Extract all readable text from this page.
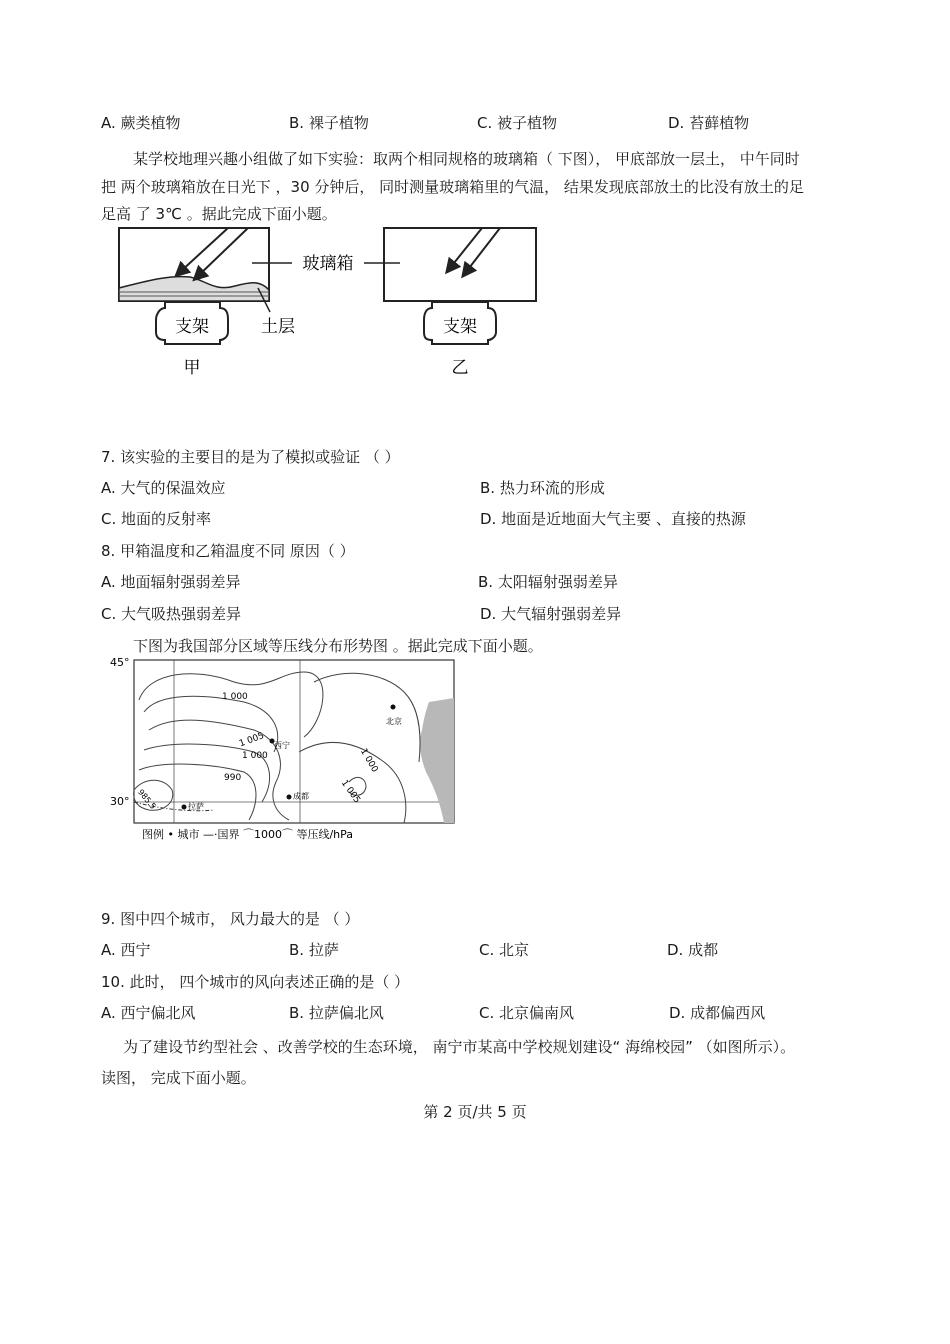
A. 蕨类植物	B. 裸子植物	C. 被子植物	D. 苔藓植物
某学校地理兴趣小组做了如下实验：取两个相同规格的玻璃箱（ 下图）， 甲底部放一层土， 中午同时
把 两个玻璃箱放在日光下 ，30 分钟后， 同时测量玻璃箱里的气温， 结果发现底部放土的比没有放土的足
足高 了 3℃ 。据此完成下面小题。
支架
甲
支架
乙
玻璃箱
土层
7. 该实验的主要目的是为了模拟或验证 （ ）
A. 大气的保温效应	B. 热力环流的形成
C. 地面的反射率	D. 地面是近地面大气主要 、直接的热源
8. 甲箱温度和乙箱温度不同 原因（ ）
A. 地面辐射强弱差异	B. 太阳辐射强弱差异
C. 大气吸热强弱差异	D. 大气辐射强弱差异
下图为我国部分区域等压线分布形势图 。据此完成下面小题。
1 000
1 005
1 000
990
1 000
1 005
985.5
西宁
北京
成都
拉萨
45°
30°
图例 • 城市 —·国界 ⌒1000⌒ 等压线/hPa
9. 图中四个城市， 风力最大的是 （ ）
A. 西宁	B. 拉萨	C. 北京	D. 成都
10. 此时， 四个城市的风向表述正确的是（ ）
A. 西宁偏北风	B. 拉萨偏北风	C. 北京偏南风	D. 成都偏西风
为了建设节约型社会 、改善学校的生态环境， 南宁市某高中学校规划建设“ 海绵校园” （如图所示）。
读图， 完成下面小题。
第 2 页/共 5 页
